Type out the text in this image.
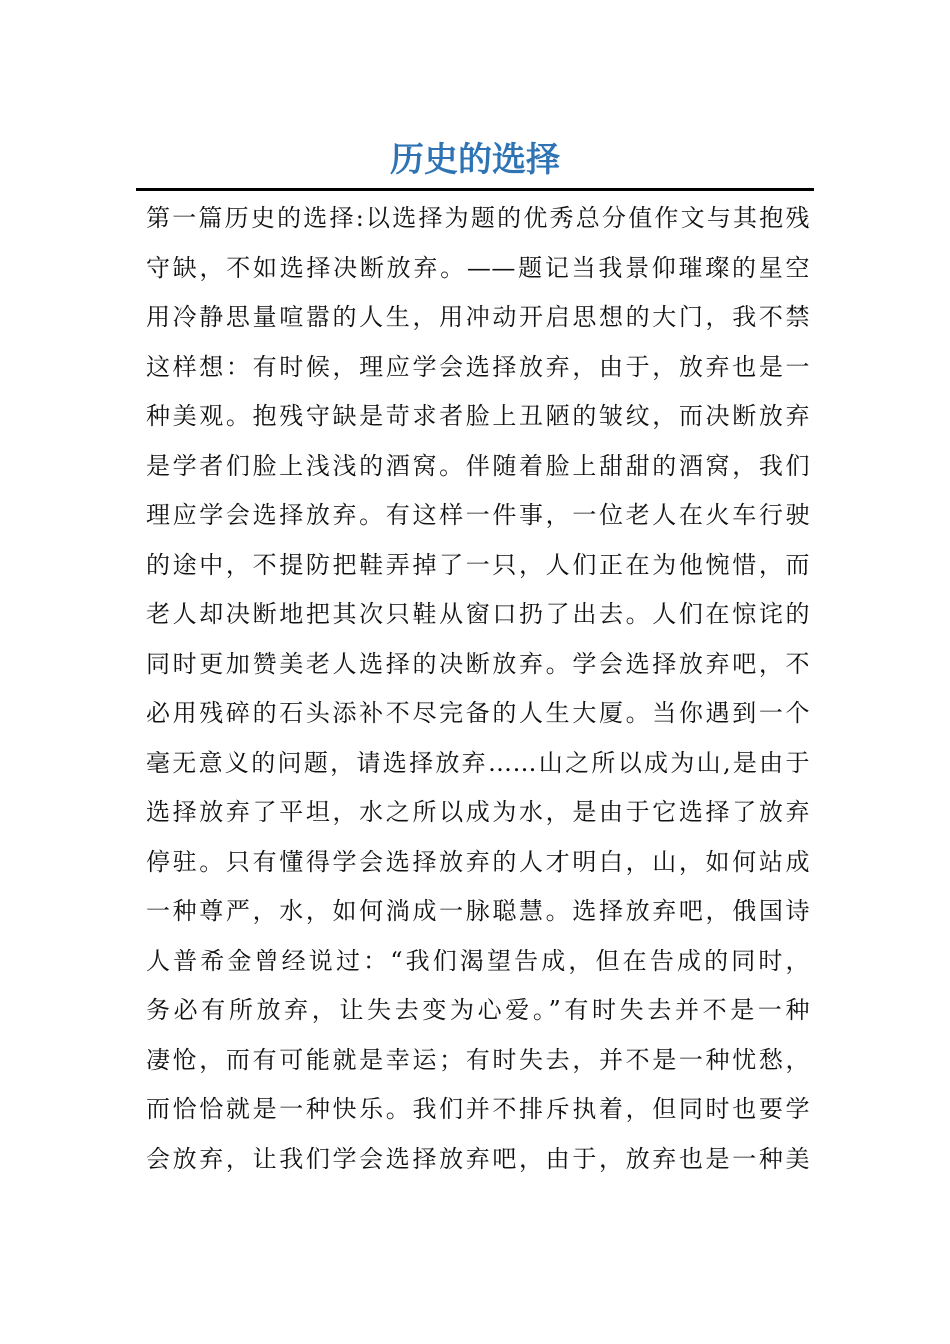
历史的选择
第一篇历史的选择:以选择为题的优秀总分值作文与其抱残
守缺，不如选择决断放弃。——题记当我景仰璀璨的星空
用冷静思量喧嚣的人生，用冲动开启思想的大门，我不禁
这样想：有时候，理应学会选择放弃，由于，放弃也是一
种美观。抱残守缺是苛求者脸上丑陋的皱纹，而决断放弃
是学者们脸上浅浅的酒窝。伴随着脸上甜甜的酒窝，我们
理应学会选择放弃。有这样一件事，一位老人在火车行驶
的途中，不提防把鞋弄掉了一只，人们正在为他惋惜，而
老人却决断地把其次只鞋从窗口扔了出去。人们在惊诧的
同时更加赞美老人选择的决断放弃。学会选择放弃吧，不
必用残碎的石头添补不尽完备的人生大厦。当你遇到一个
毫无意义的问题，请选择放弃……山之所以成为山,是由于
选择放弃了平坦，水之所以成为水，是由于它选择了放弃
停驻。只有懂得学会选择放弃的人才明白，山，如何站成
一种尊严，水，如何淌成一脉聪慧。选择放弃吧，俄国诗
人普希金曾经说过：“我们渴望告成，但在告成的同时，
务必有所放弃，让失去变为心爱。”有时失去并不是一种
凄怆，而有可能就是幸运；有时失去，并不是一种忧愁，
而恰恰就是一种快乐。我们并不排斥执着，但同时也要学
会放弃，让我们学会选择放弃吧，由于，放弃也是一种美
